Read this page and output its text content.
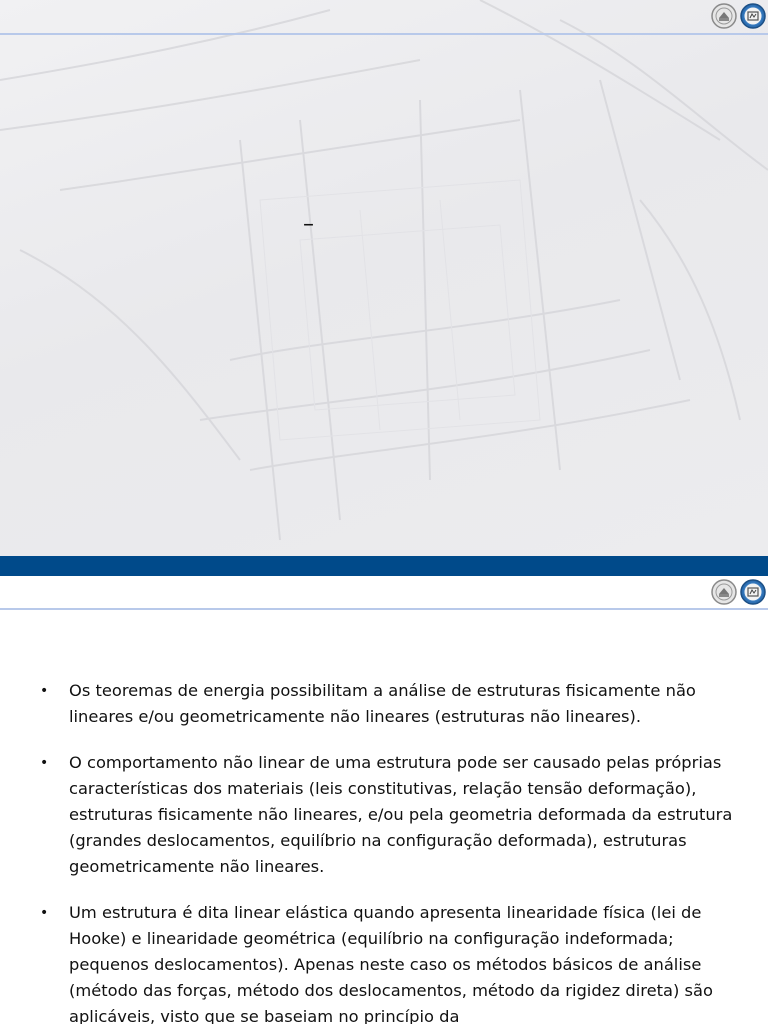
–
•	Os teoremas de energia possibilitam a análise de estruturas fisicamente não lineares e/ou geometricamente não lineares (estruturas não lineares).
•	O comportamento não linear de uma estrutura pode ser causado pelas próprias características dos materiais (leis constitutivas, relação tensão deformação), estruturas fisicamente não lineares, e/ou pela geometria deformada da estrutura (grandes deslocamentos, equilíbrio na configuração deformada), estruturas geometricamente não lineares.
•	Um estrutura é dita linear elástica quando apresenta linearidade física (lei de Hooke) e linearidade geométrica (equilíbrio na configuração indeformada; pequenos deslocamentos). Apenas neste caso os métodos básicos de análise (método das forças, método dos deslocamentos, método da rigidez direta) são aplicáveis, visto que se baseiam no princípio da
